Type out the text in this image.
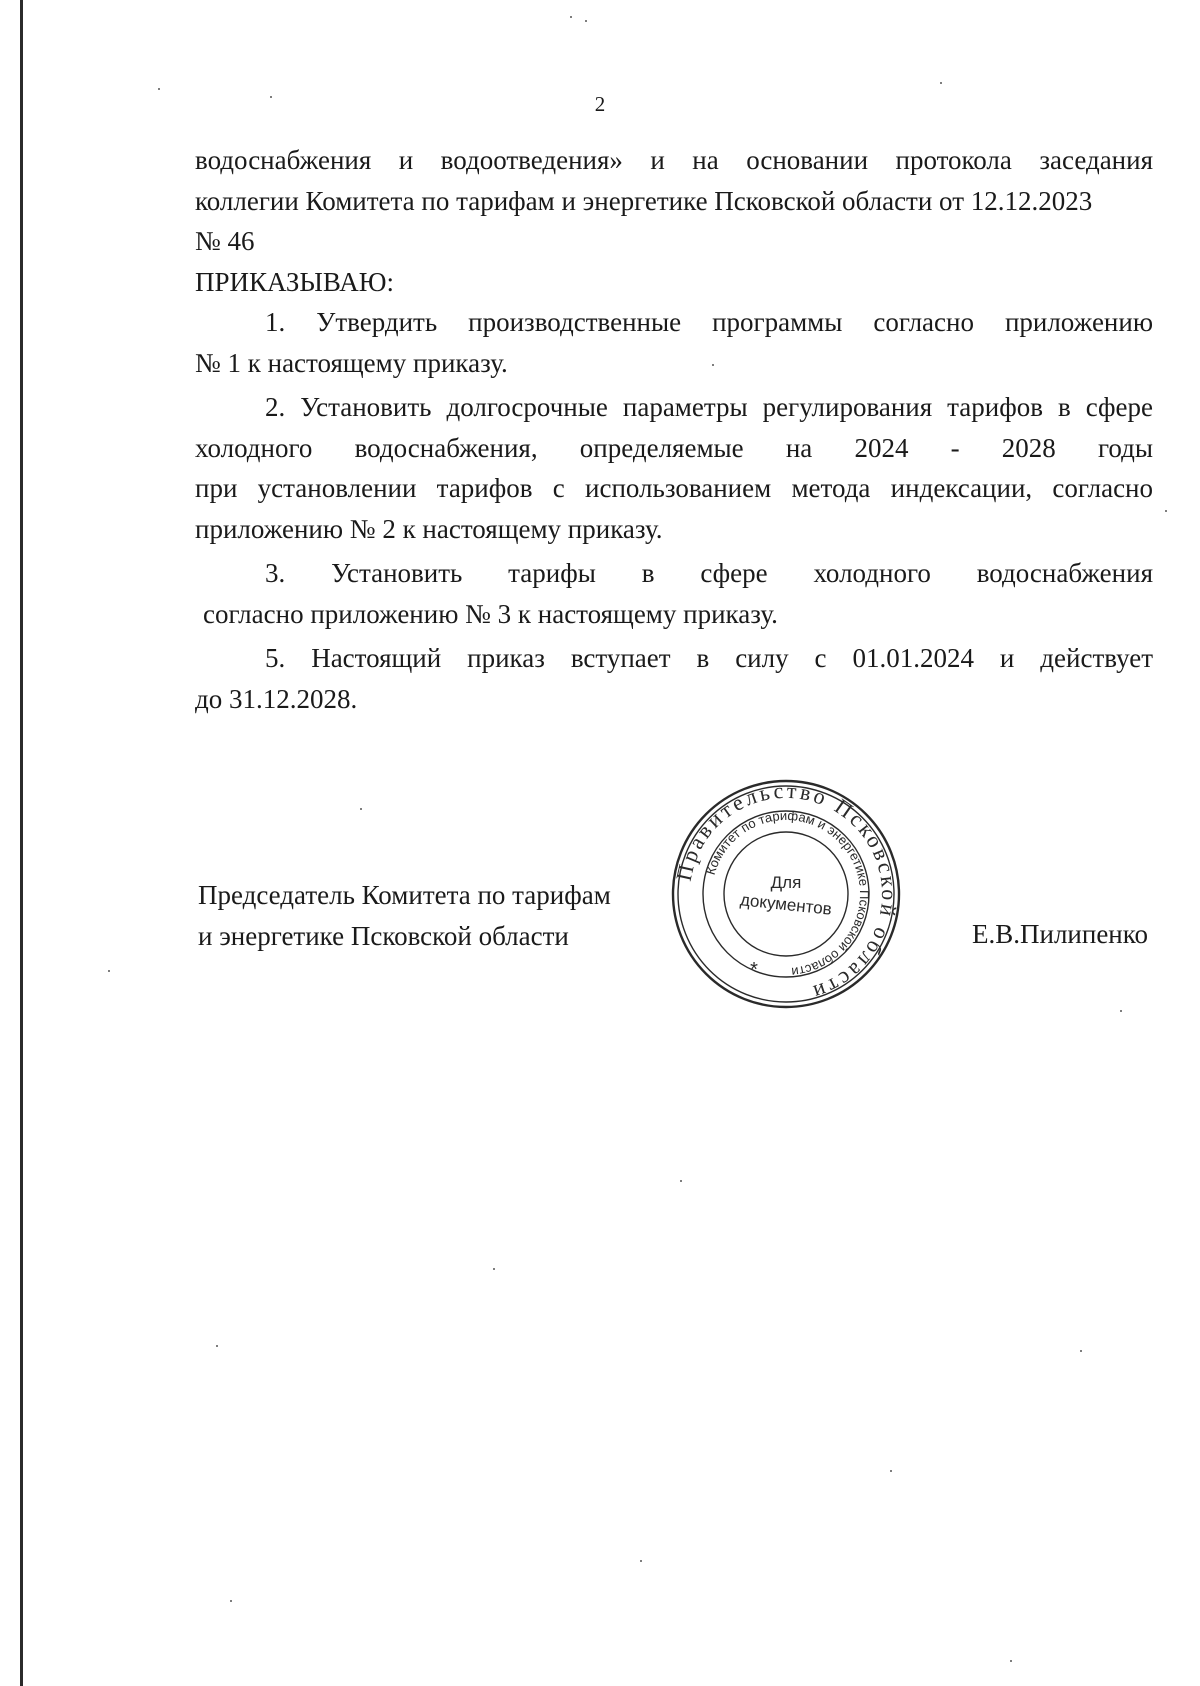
2

водоснабжения и водоотведения» и на основании протокола заседания
коллегии Комитета по тарифам и энергетике Псковской области от 12.12.2023
№ 46

ПРИКАЗЫВАЮ:

1. Утвердить производственные программы согласно приложению
№ 1 к настоящему приказу.

2. Установить долгосрочные параметры регулирования тарифов в сфере
холодного водоснабжения, определяемые на 2024 - 2028 годы
при установлении тарифов с использованием метода индексации, согласно
приложению № 2 к настоящему приказу.

3. Установить тарифы в сфере холодного водоснабжения
согласно приложению № 3 к настоящему приказу.

5. Настоящий приказ вступает в силу с 01.01.2024 и действует
до 31.12.2028.

Председатель Комитета по тарифам
и энергетике Псковской области
Правительство Псковской области
Комитет по тарифам и энергетике Псковской области
Для
документов
*
Е.В.Пилипенко
